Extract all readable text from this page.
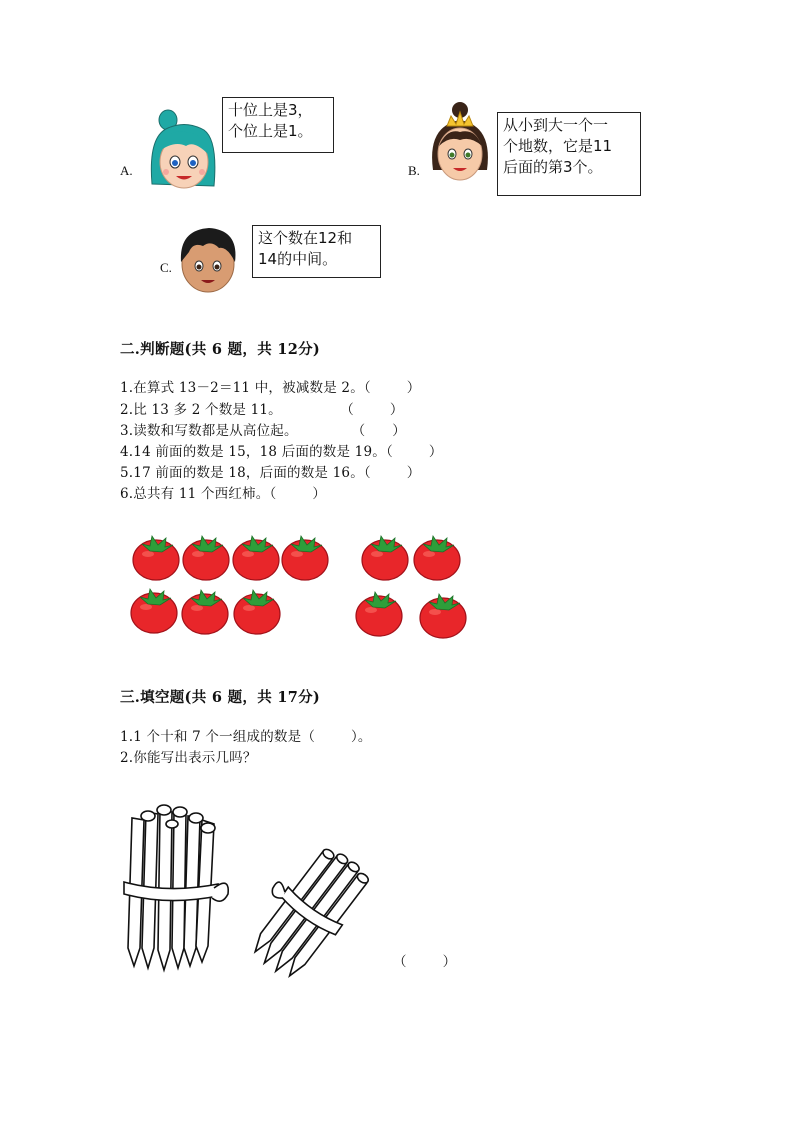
A.
十位上是3，
个位上是1。
B.
从小到大一个一
个地数，它是11
后面的第3个。
C.
这个数在12和
14的中间。
二.判断题(共 6 题，共 12分)
1.在算式 13－2＝11 中，被减数是 2。（        ）
2.比 13 多 2 个数是 11。             （        ）
3.读数和写数都是从高位起。            （      ）
4.14 前面的数是 15，18 后面的数是 19。（        ）
5.17 前面的数是 18，后面的数是 16。（        ）
6.总共有 11 个西红柿。（        ）
三.填空题(共 6 题，共 17分)
1.1 个十和 7 个一组成的数是（        ）。
2.你能写出表示几吗？
（        ）
